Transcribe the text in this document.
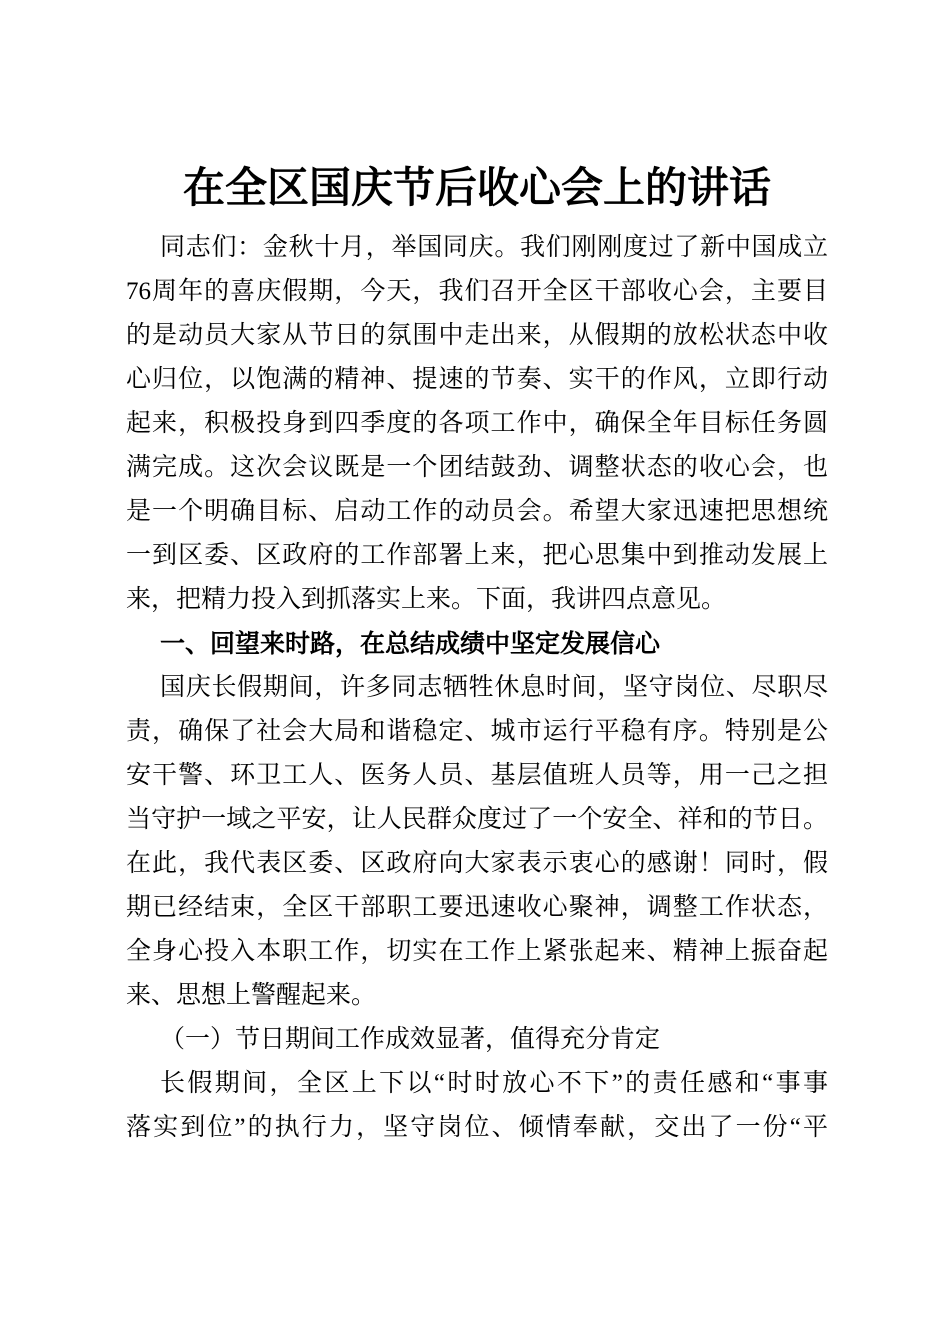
在全区国庆节后收心会上的讲话
同志们：金秋十月，举国同庆。我们刚刚度过了新中国成立
76周年的喜庆假期，今天，我们召开全区干部收心会，主要目
的是动员大家从节日的氛围中走出来，从假期的放松状态中收
心归位，以饱满的精神、提速的节奏、实干的作风，立即行动
起来，积极投身到四季度的各项工作中，确保全年目标任务圆
满完成。这次会议既是一个团结鼓劲、调整状态的收心会，也
是一个明确目标、启动工作的动员会。希望大家迅速把思想统
一到区委、区政府的工作部署上来，把心思集中到推动发展上
来，把精力投入到抓落实上来。下面，我讲四点意见。
一、回望来时路，在总结成绩中坚定发展信心
国庆长假期间，许多同志牺牲休息时间，坚守岗位、尽职尽
责，确保了社会大局和谐稳定、城市运行平稳有序。特别是公
安干警、环卫工人、医务人员、基层值班人员等，用一己之担
当守护一域之平安，让人民群众度过了一个安全、祥和的节日。
在此，我代表区委、区政府向大家表示衷心的感谢！同时，假
期已经结束，全区干部职工要迅速收心聚神，调整工作状态，
全身心投入本职工作，切实在工作上紧张起来、精神上振奋起
来、思想上警醒起来。
（一）节日期间工作成效显著，值得充分肯定
长假期间，全区上下以“时时放心不下”的责任感和“事事
落实到位”的执行力，坚守岗位、倾情奉献，交出了一份“平
